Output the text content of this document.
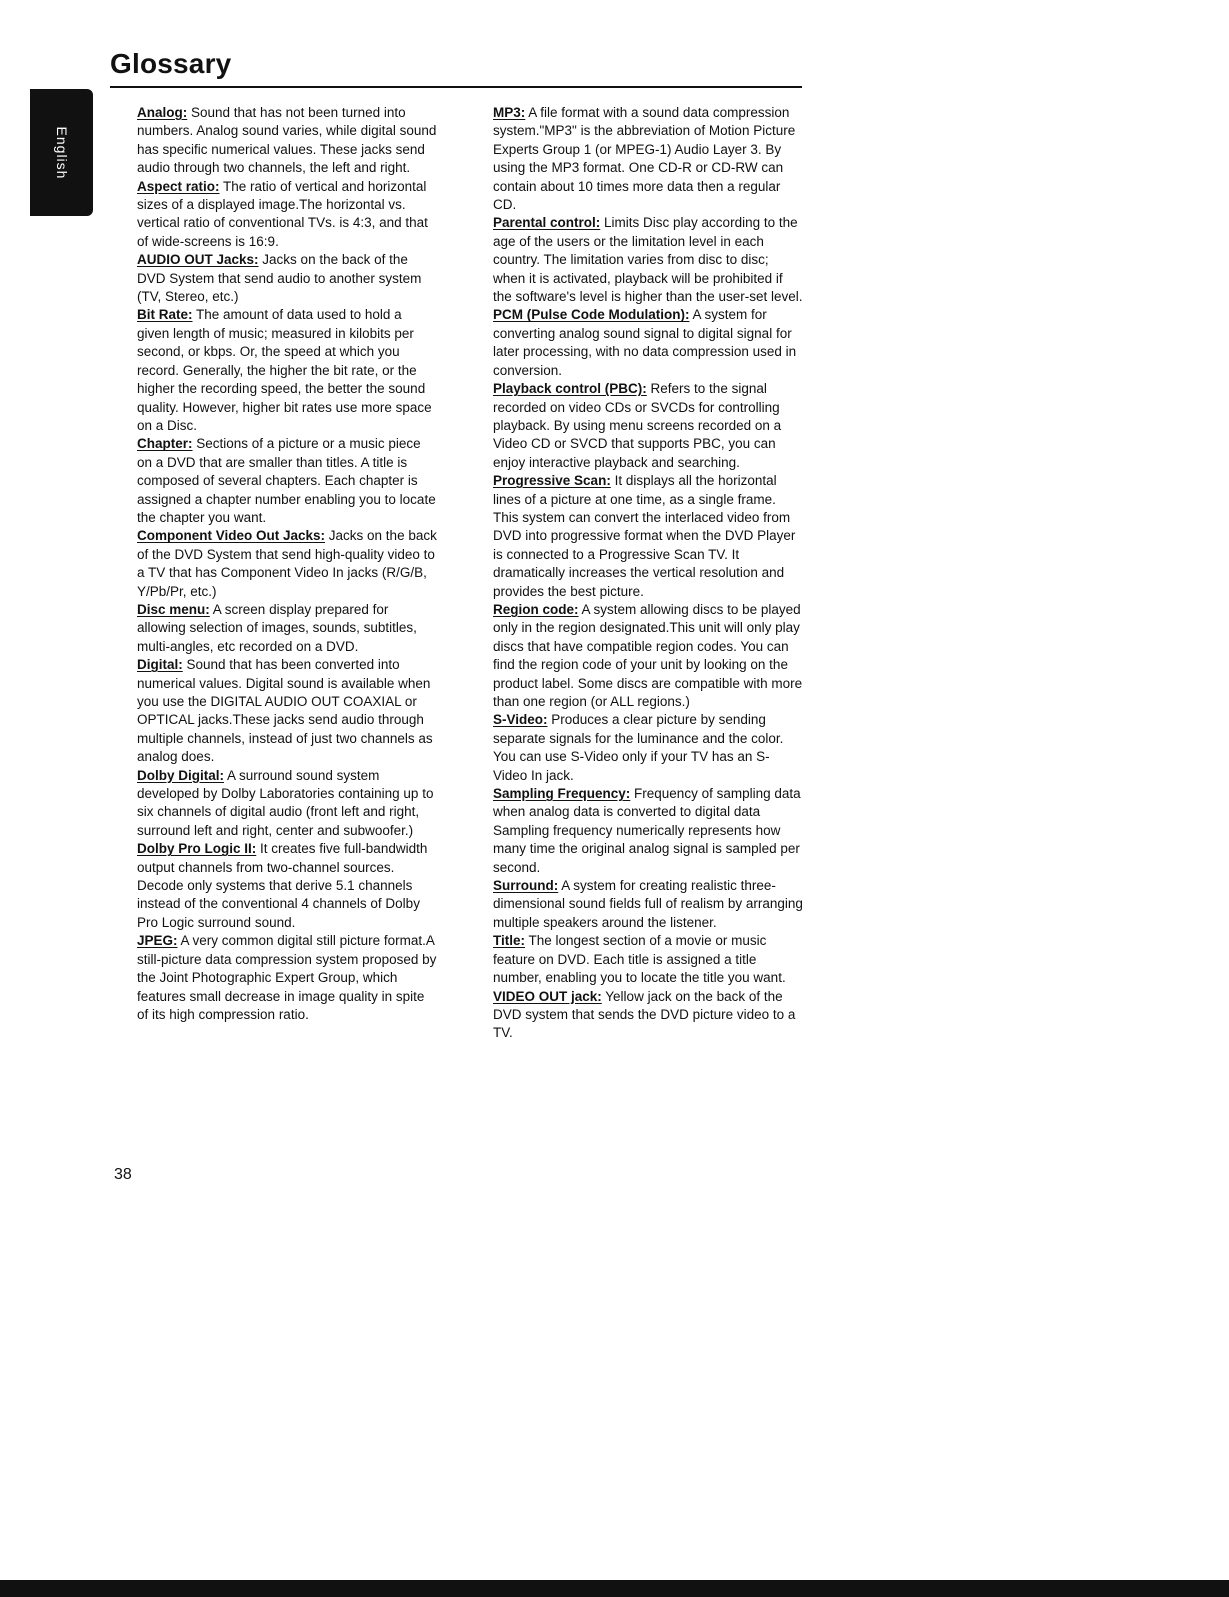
Glossary
English

Analog: Sound that has not been turned into numbers. Analog sound varies, while digital sound has specific numerical values. These jacks send audio through two channels, the left and right.

Aspect ratio: The ratio of vertical and horizontal sizes of a displayed image.The horizontal vs. vertical ratio of conventional TVs. is 4:3, and that of wide-screens is 16:9.

AUDIO OUT Jacks: Jacks on the back of the DVD System that send audio to another system (TV, Stereo, etc.)

Bit Rate: The amount of data used to hold a given length of music; measured in kilobits per second, or kbps. Or, the speed at which you record. Generally, the higher the bit rate, or the higher the recording speed, the better the sound quality. However, higher bit rates use more space on a Disc.

Chapter: Sections of a picture or a music piece on a DVD that are smaller than titles. A title is composed of several chapters. Each chapter is assigned a chapter number enabling you to locate the chapter you want.

Component Video Out Jacks: Jacks on the back of the DVD System that send high-quality video to a TV that has Component Video In jacks (R/G/B, Y/Pb/Pr, etc.)

Disc menu: A screen display prepared for allowing selection of images, sounds, subtitles, multi-angles, etc recorded on a DVD.

Digital: Sound that has been converted into numerical values. Digital sound is available when you use the DIGITAL AUDIO OUT COAXIAL or OPTICAL jacks.These jacks send audio through multiple channels, instead of just two channels as analog does.

Dolby Digital: A surround sound system developed by Dolby Laboratories containing up to six channels of digital audio (front left and right, surround left and right, center and subwoofer.)

Dolby Pro Logic II: It creates five full-bandwidth output channels from two-channel sources. Decode only systems that derive 5.1 channels instead of the conventional 4 channels of Dolby Pro Logic surround sound.

JPEG: A very common digital still picture format.A still-picture data compression system proposed by the Joint Photographic Expert Group, which features small decrease in image quality in spite of its high compression ratio.

MP3: A file format with a sound data compression system."MP3" is the abbreviation of Motion Picture Experts Group 1 (or MPEG-1) Audio Layer 3. By using the MP3 format. One CD-R or CD-RW can contain about 10 times more data then a regular CD.

Parental control: Limits Disc play according to the age of the users or the limitation level in each country. The limitation varies from disc to disc; when it is activated, playback will be prohibited if the software's level is higher than the user-set level.

PCM (Pulse Code Modulation): A system for converting analog sound signal to digital signal for later processing, with no data compression used in conversion.

Playback control (PBC): Refers to the signal recorded on video CDs or SVCDs for controlling playback. By using menu screens recorded on a Video CD or SVCD that supports PBC, you can enjoy interactive playback and searching.

Progressive Scan: It displays all the horizontal lines of a picture at one time, as a single frame. This system can convert the interlaced video from DVD into progressive format when the DVD Player is connected to a Progressive Scan TV. It dramatically increases the vertical resolution and provides the best picture.

Region code: A system allowing discs to be played only in the region designated.This unit will only play discs that have compatible region codes. You can find the region code of your unit by looking on the product label. Some discs are compatible with more than one region (or ALL regions.)

S-Video: Produces a clear picture by sending separate signals for the luminance and the color. You can use S-Video only if your TV has an S-Video In jack.

Sampling Frequency: Frequency of sampling data when analog data is converted to digital data Sampling frequency numerically represents how many time the original analog signal is sampled per second.

Surround: A system for creating realistic three-dimensional sound fields full of realism by arranging multiple speakers around the listener.

Title: The longest section of a movie or music feature on DVD. Each title is assigned a title number, enabling you to locate the title you want.

VIDEO OUT jack: Yellow jack on the back of the DVD system that sends the DVD picture video to a TV.

38
